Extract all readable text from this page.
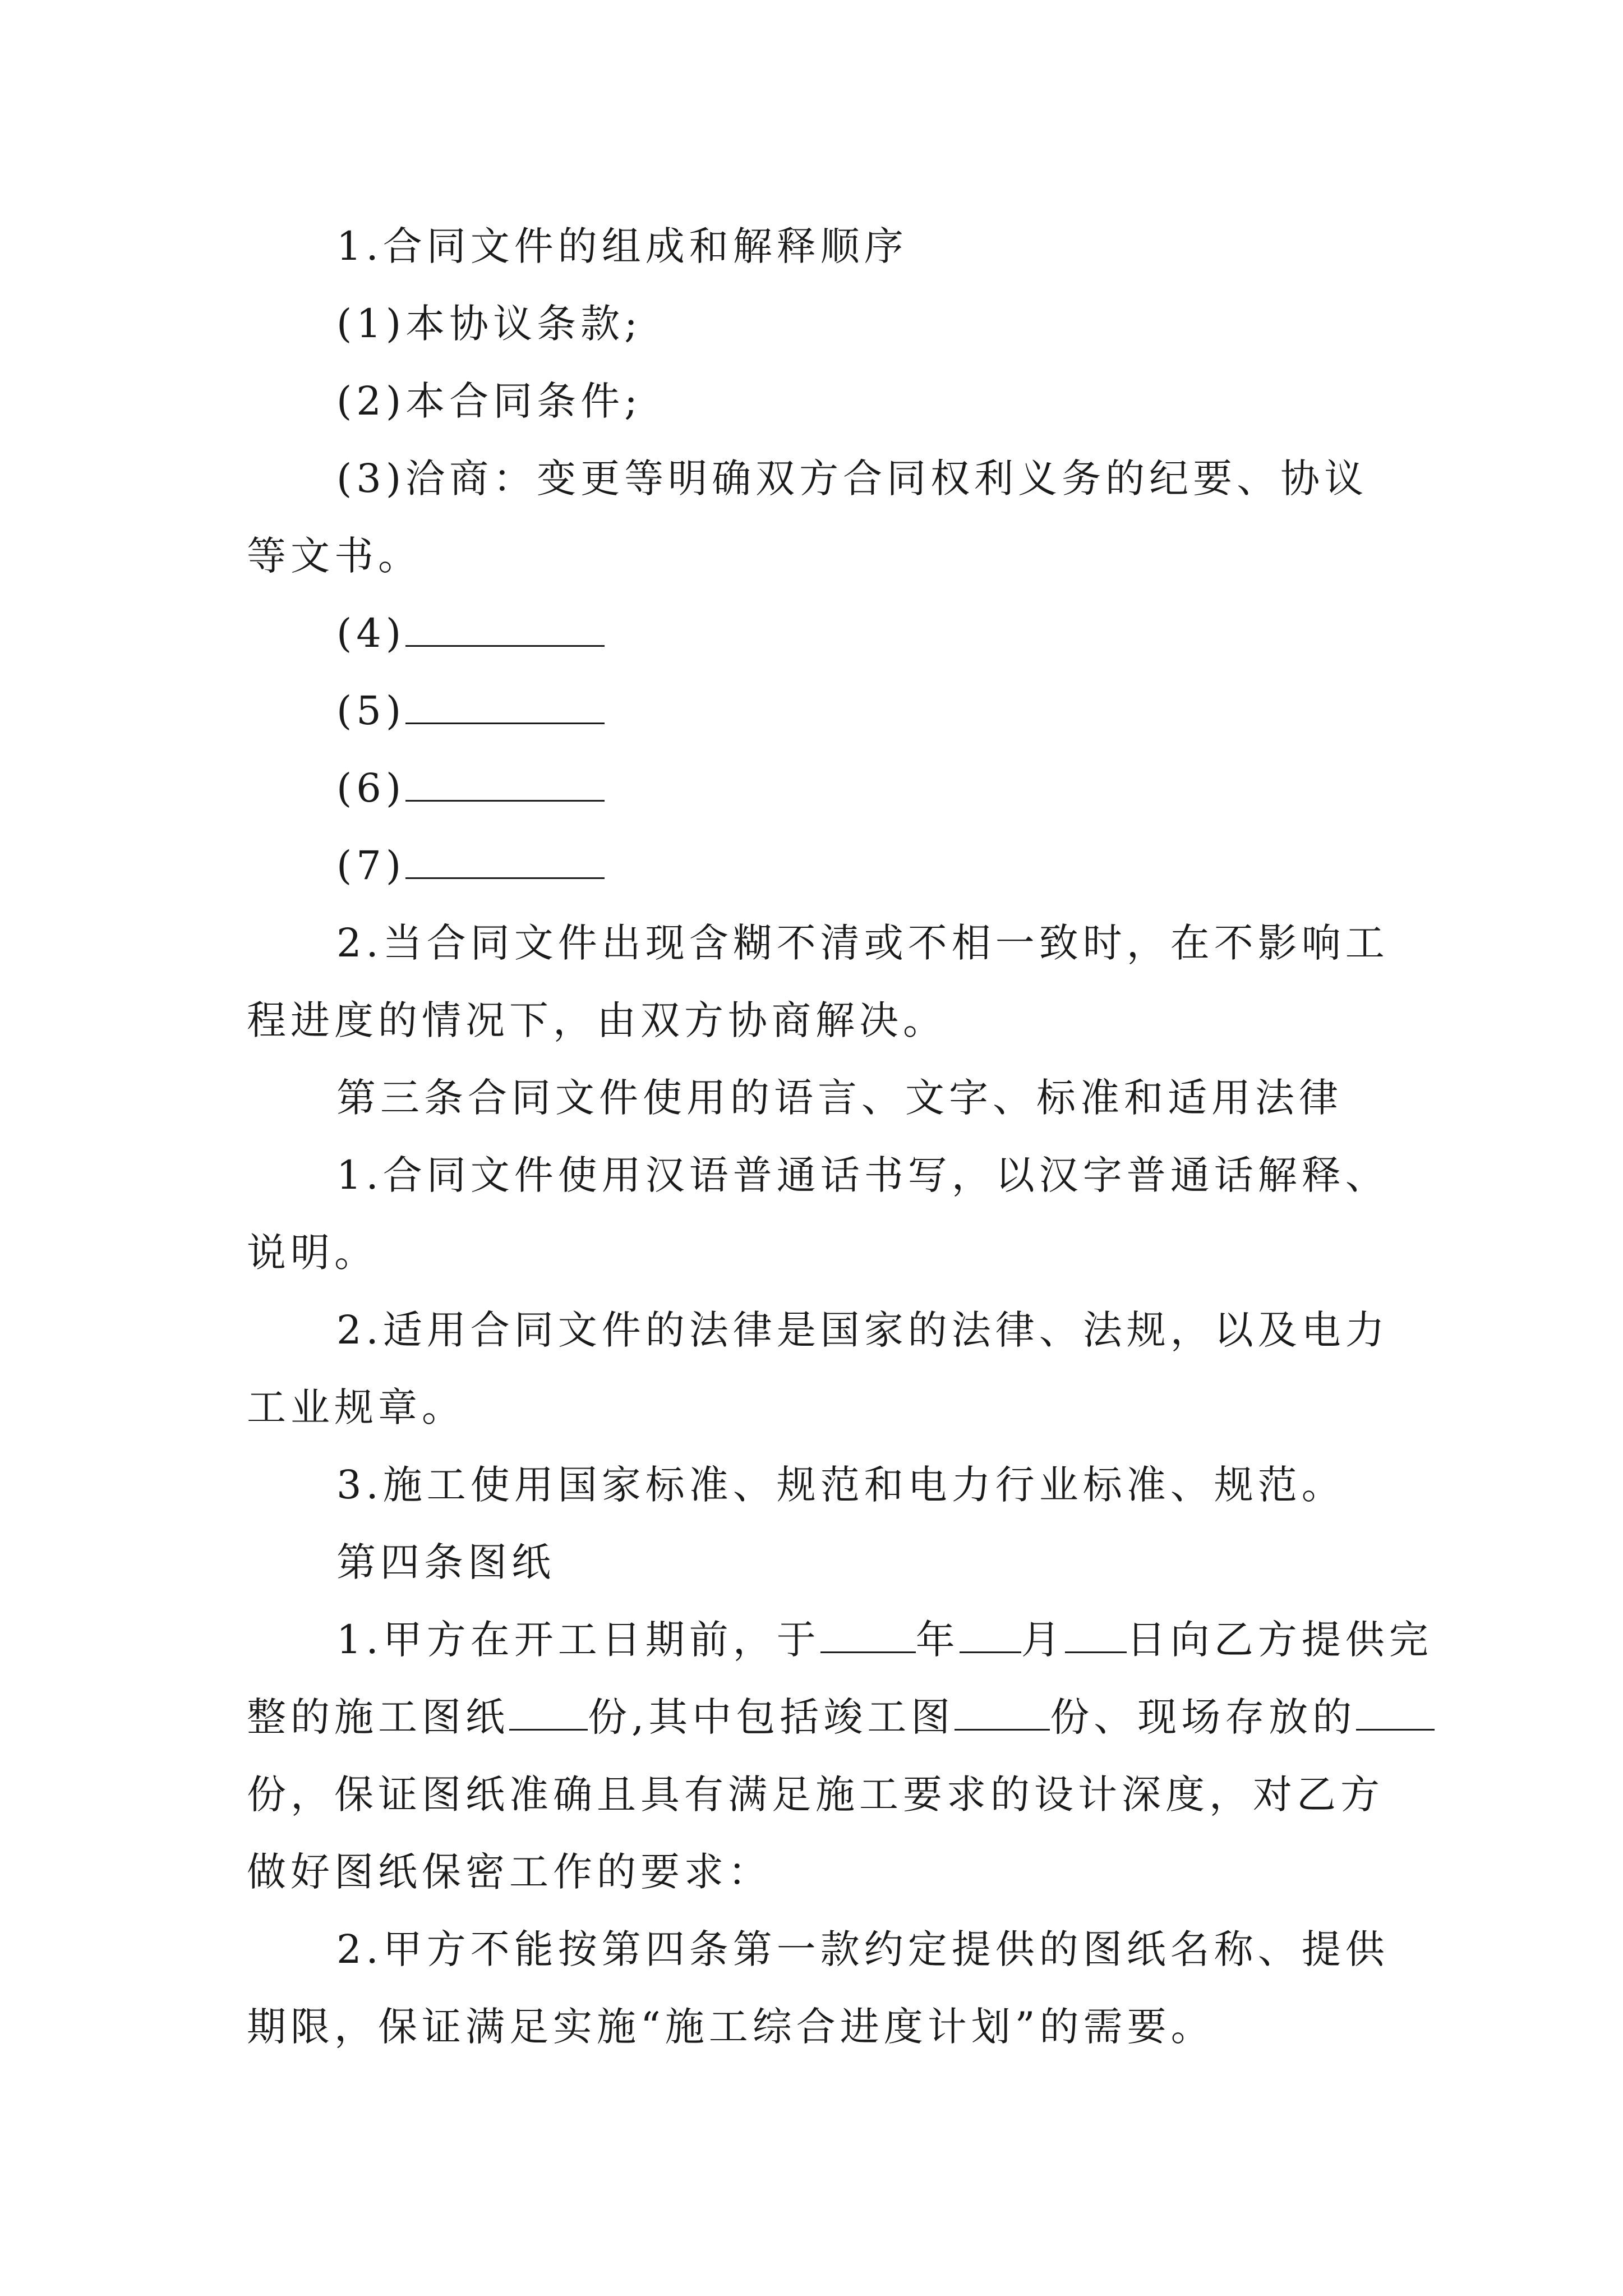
1.合同文件的组成和解释顺序
(1)本协议条款;
(2)本合同条件;
(3)洽商：变更等明确双方合同权利义务的纪要、协议
等文书。
(4)
(5)
(6)
(7)
2.当合同文件出现含糊不清或不相一致时，在不影响工
程进度的情况下，由双方协商解决。
第三条合同文件使用的语言、文字、标准和适用法律
1.合同文件使用汉语普通话书写，以汉字普通话解释、
说明。
2.适用合同文件的法律是国家的法律、法规，以及电力
工业规章。
3.施工使用国家标准、规范和电力行业标准、规范。
第四条图纸
1.甲方在开工日期前，于 年 月 日向乙方提供完
整的施工图纸 份,其中包括竣工图 份、现场存放的
份，保证图纸准确且具有满足施工要求的设计深度，对乙方
做好图纸保密工作的要求：
2.甲方不能按第四条第一款约定提供的图纸名称、提供
期限，保证满足实施“施工综合进度计划”的需要。
